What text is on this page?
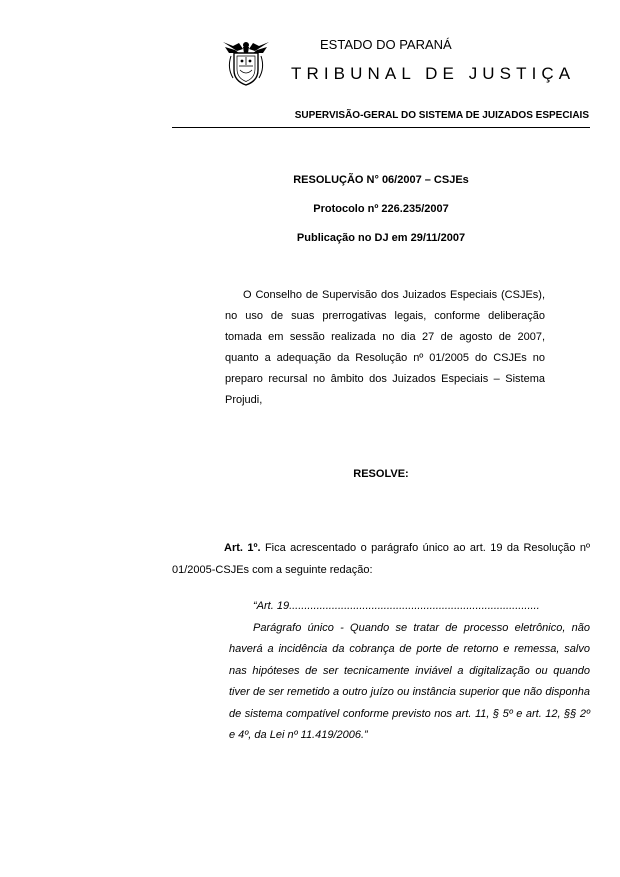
ESTADO DO PARANÁ
TRIBUNAL DE JUSTIÇA
SUPERVISÃO-GERAL DO SISTEMA DE JUIZADOS ESPECIAIS
RESOLUÇÃO N° 06/2007 – CSJEs
Protocolo nº 226.235/2007
Publicação no DJ em 29/11/2007
O Conselho de Supervisão dos Juizados Especiais (CSJEs), no uso de suas prerrogativas legais, conforme deliberação tomada em sessão realizada no dia 27 de agosto de 2007, quanto a adequação da Resolução nº 01/2005 do CSJEs no preparo recursal no âmbito dos Juizados Especiais – Sistema Projudi,
RESOLVE:
Art. 1º. Fica acrescentado o parágrafo único ao art. 19 da Resolução nº 01/2005-CSJEs com a seguinte redação:

“Art. 19..................................................................................

Parágrafo único - Quando se tratar de processo eletrônico, não haverá a incidência da cobrança de porte de retorno e remessa, salvo nas hipóteses de ser tecnicamente inviável a digitalização ou quando tiver de ser remetido a outro juízo ou instância superior que não disponha de sistema compatível conforme previsto nos art. 11, § 5º e art. 12, §§ 2º e 4º, da Lei nº 11.419/2006.”
